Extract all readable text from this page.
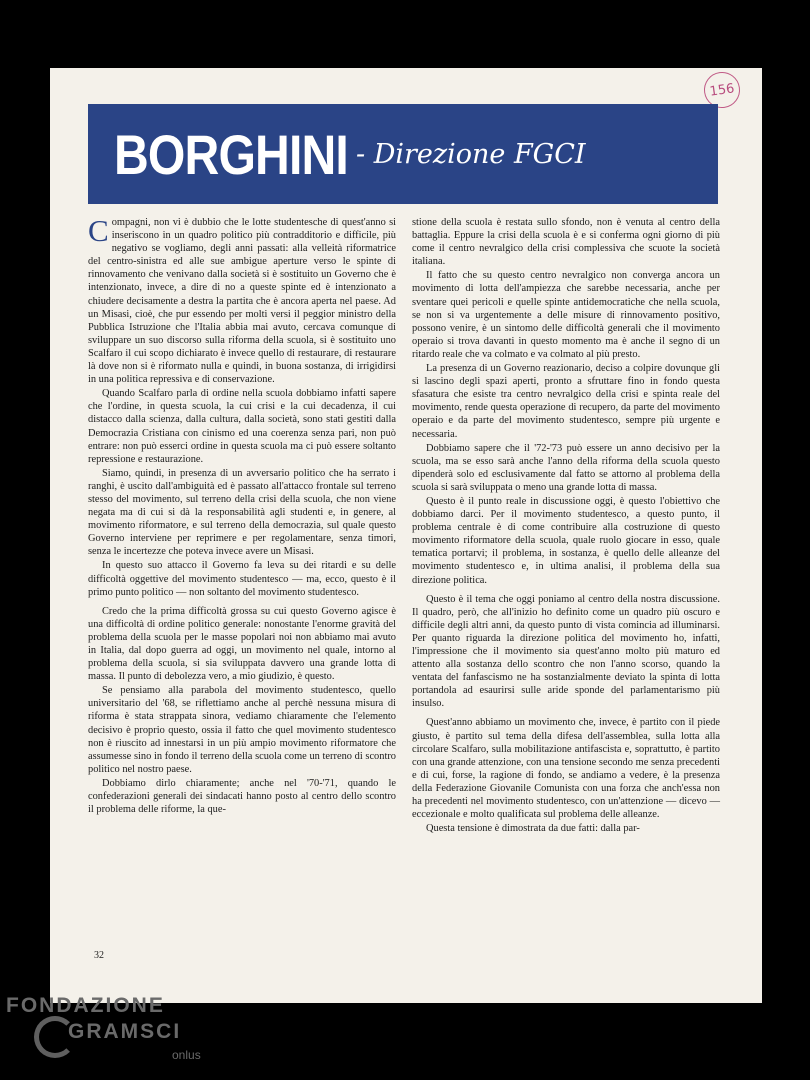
156
BORGHINI - Direzione FGCI

Compagni, non vi è dubbio che le lotte studentesche di quest'anno si inseriscono in un quadro politico più contradditorio e difficile, più negativo se vogliamo, degli anni passati: alla velleità riformatrice del centro-sinistra ed alle sue ambigue aperture verso le spinte di rinnovamento che venivano dalla società si è sostituito un Governo che è intenzionato, invece, a dire di no a queste spinte ed è intenzionato a chiudere decisamente a destra la partita che è ancora aperta nel paese. Ad un Misasi, cioè, che pur essendo per molti versi il peggior ministro della Pubblica Istruzione che l'Italia abbia mai avuto, cercava comunque di sviluppare un suo discorso sulla riforma della scuola, si è sostituito uno Scalfaro il cui scopo dichiarato è invece quello di restaurare, di restaurare là dove non si è riformato nulla e quindi, in buona sostanza, di irrigidirsi in una politica repressiva e di conservazione.

Quando Scalfaro parla di ordine nella scuola dobbiamo infatti sapere che l'ordine, in questa scuola, la cui crisi e la cui decadenza, il cui distacco dalla scienza, dalla cultura, dalla società, sono stati gestiti dalla Democrazia Cristiana con cinismo ed una coerenza senza pari, non può entrare: non può esserci ordine in questa scuola ma ci può essere soltanto repressione e restaurazione.

Siamo, quindi, in presenza di un avversario politico che ha serrato i ranghi, è uscito dall'ambiguità ed è passato all'attacco frontale sul terreno stesso del movimento, sul terreno della crisi della scuola, che non viene negata ma di cui si dà la responsabilità agli studenti e, in genere, al movimento riformatore, e sul terreno della democrazia, sul quale questo Governo interviene per reprimere e per regolamentare, senza timori, senza le incertezze che poteva invece avere un Misasi.

In questo suo attacco il Governo fa leva su dei ritardi e su delle difficoltà oggettive del movimento studentesco — ma, ecco, questo è il primo punto politico — non soltanto del movimento studentesco.

Credo che la prima difficoltà grossa su cui questo Governo agisce è una difficoltà di ordine politico generale: nonostante l'enorme gravità del problema della scuola per le masse popolari noi non abbiamo mai avuto in Italia, dal dopo guerra ad oggi, un movimento nel quale, intorno al problema della scuola, si sia sviluppata davvero una grande lotta di massa. Il punto di debolezza vero, a mio giudizio, è questo.

Se pensiamo alla parabola del movimento studentesco, quello universitario del '68, se riflettiamo anche al perchè nessuna misura di riforma è stata strappata sinora, vediamo chiaramente che l'elemento decisivo è proprio questo, ossia il fatto che quel movimento studentesco non è riuscito ad innestarsi in un più ampio movimento riformatore che assumesse sino in fondo il terreno della scuola come un terreno di scontro politico nel nostro paese.

Dobbiamo dirlo chiaramente; anche nel '70-'71, quando le confederazioni generali dei sindacati hanno posto al centro dello scontro il problema delle riforme, la que-

stione della scuola è restata sullo sfondo, non è venuta al centro della battaglia. Eppure la crisi della scuola è e si conferma ogni giorno di più come il centro nevralgico della crisi complessiva che scuote la società italiana.

Il fatto che su questo centro nevralgico non converga ancora un movimento di lotta dell'ampiezza che sarebbe necessaria, anche per sventare quei pericoli e quelle spinte antidemocratiche che nella scuola, se non si va urgentemente a delle misure di rinnovamento positivo, possono venire, è un sintomo delle difficoltà generali che il movimento operaio si trova davanti in questo momento ma è anche il segno di un ritardo reale che va colmato e va colmato al più presto.

La presenza di un Governo reazionario, deciso a colpire dovunque gli si lascino degli spazi aperti, pronto a sfruttare fino in fondo questa sfasatura che esiste tra centro nevralgico della crisi e spinta reale del movimento, rende questa operazione di recupero, da parte del movimento operaio e da parte del movimento studentesco, sempre più urgente e necessaria.

Dobbiamo sapere che il '72-'73 può essere un anno decisivo per la scuola, ma se esso sarà anche l'anno della riforma della scuola questo dipenderà solo ed esclusivamente dal fatto se attorno al problema della scuola si sarà sviluppata o meno una grande lotta di massa.

Questo è il punto reale in discussione oggi, è questo l'obiettivo che dobbiamo darci. Per il movimento studentesco, a questo punto, il problema centrale è di come contribuire alla costruzione di questo movimento riformatore della scuola, quale ruolo giocare in esso, quale tematica portarvi; il problema, in sostanza, è quello delle alleanze del movimento studentesco e, in ultima analisi, il problema della sua direzione politica.

Questo è il tema che oggi poniamo al centro della nostra discussione. Il quadro, però, che all'inizio ho definito come un quadro più oscuro e difficile degli altri anni, da questo punto di vista comincia ad illuminarsi. Per quanto riguarda la direzione politica del movimento ho, infatti, l'impressione che il movimento sia quest'anno molto più maturo ed attento alla sostanza dello scontro che non l'anno scorso, quando la ventata del fanfascismo ne ha sostanzialmente deviato la spinta di lotta portandola ad esaurirsi sulle aride sponde del parlamentarismo più insulso.

Quest'anno abbiamo un movimento che, invece, è partito con il piede giusto, è partito sul tema della difesa dell'assemblea, sulla lotta alla circolare Scalfaro, sulla mobilitazione antifascista e, soprattutto, è partito con una grande attenzione, con una tensione secondo me senza precedenti e di cui, forse, la ragione di fondo, se andiamo a vedere, è la presenza della Federazione Giovanile Comunista con una forza che anch'essa non ha precedenti nel movimento studentesco, con un'attenzione — dicevo — eccezionale e molto qualificata sul problema delle alleanze.

Questa tensione è dimostrata da due fatti: dalla par-

32
FONDAZIONE
GRAMSCI
onlus
